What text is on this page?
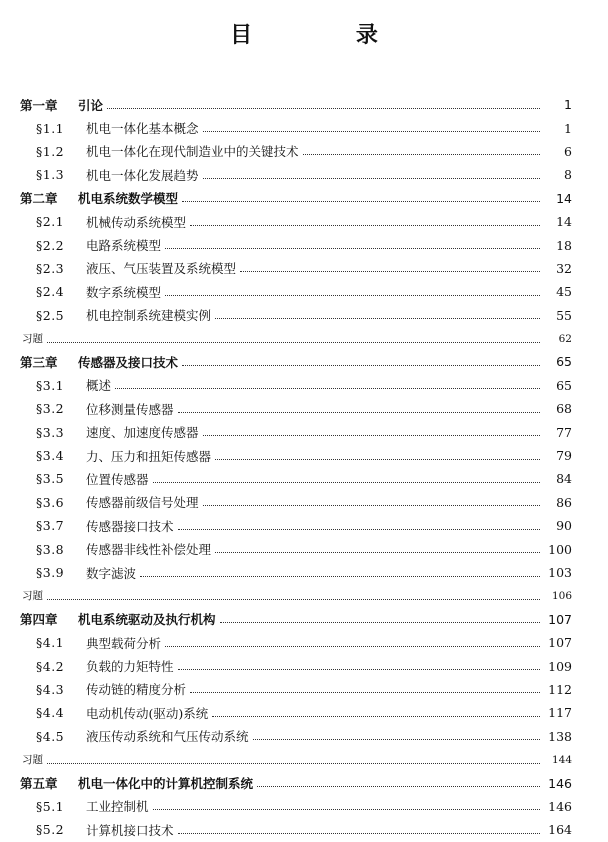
目 录
第一章	引论	1
§1.1	机电一体化基本概念	1
§1.2	机电一体化在现代制造业中的关键技术	6
§1.3	机电一体化发展趋势	8
第二章	机电系统数学模型	14
§2.1	机械传动系统模型	14
§2.2	电路系统模型	18
§2.3	液压、气压装置及系统模型	32
§2.4	数字系统模型	45
§2.5	机电控制系统建模实例	55
习题	62
第三章	传感器及接口技术	65
§3.1	概述	65
§3.2	位移测量传感器	68
§3.3	速度、加速度传感器	77
§3.4	力、压力和扭矩传感器	79
§3.5	位置传感器	84
§3.6	传感器前级信号处理	86
§3.7	传感器接口技术	90
§3.8	传感器非线性补偿处理	100
§3.9	数字滤波	103
习题	106
第四章	机电系统驱动及执行机构	107
§4.1	典型载荷分析	107
§4.2	负载的力矩特性	109
§4.3	传动链的精度分析	112
§4.4	电动机传动(驱动)系统	117
§4.5	液压传动系统和气压传动系统	138
习题	144
第五章	机电一体化中的计算机控制系统	146
§5.1	工业控制机	146
§5.2	计算机接口技术	164
